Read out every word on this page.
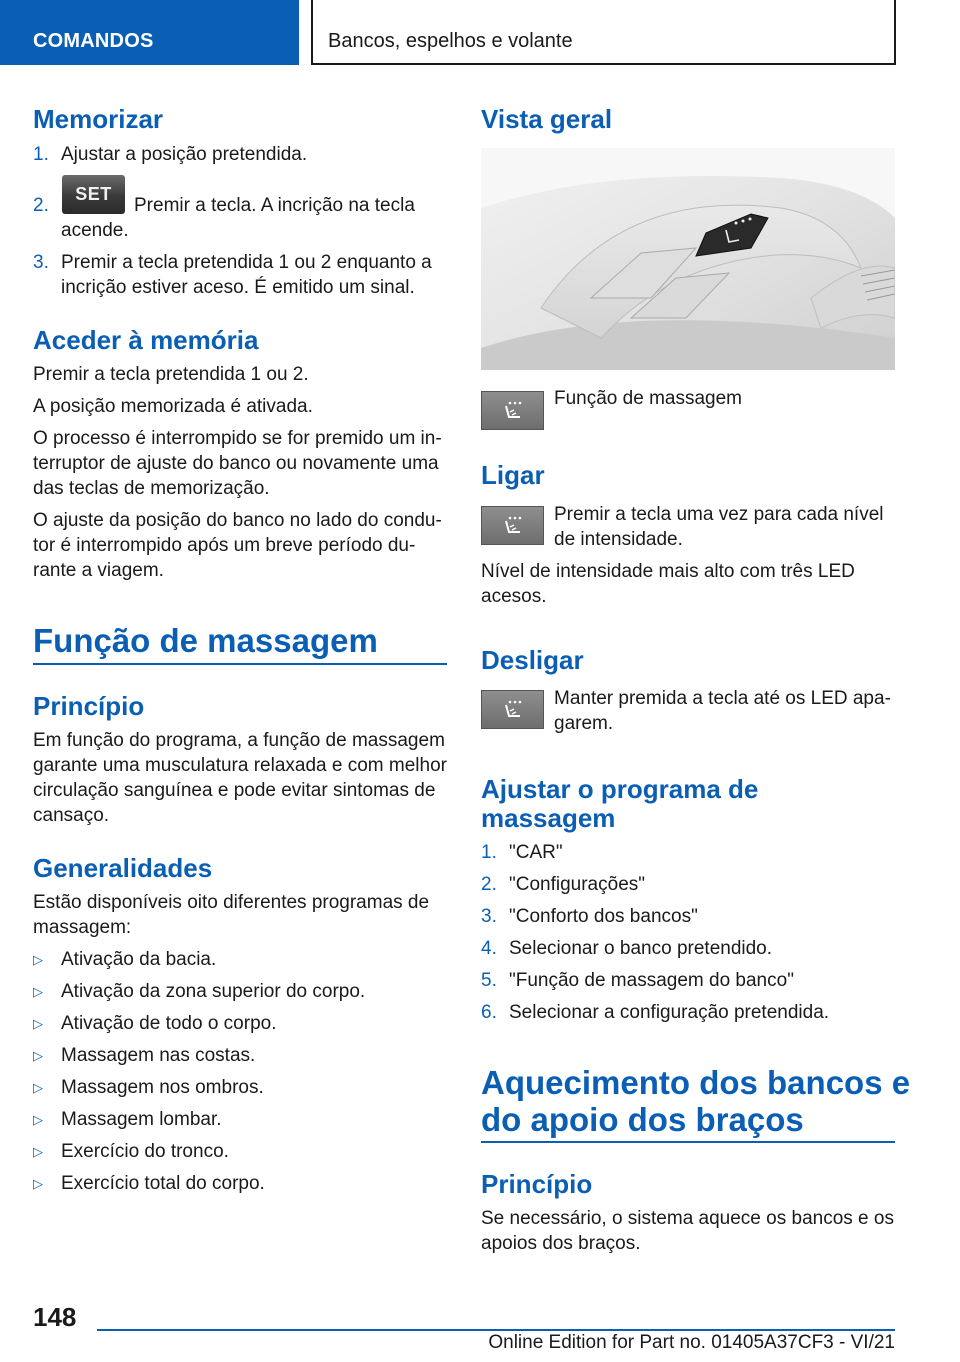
COMANDOS	Bancos, espelhos e volante
Memorizar
1. Ajustar a posição pretendida.
2.
SET
Premir a tecla. A incrição na tecla
acende.
3. Premir a tecla pretendida 1 ou 2 enquanto a
incrição estiver aceso. É emitido um sinal.
Aceder à memória
Premir a tecla pretendida 1 ou 2.
A posição memorizada é ativada.
O processo é interrompido se for premido um in-
terruptor de ajuste do banco ou novamente uma
das teclas de memorização.
O ajuste da posição do banco no lado do condu-
tor é interrompido após um breve período du-
rante a viagem.
Função de massagem
Princípio
Em função do programa, a função de massagem
garante uma musculatura relaxada e com melhor
circulação sanguínea e pode evitar sintomas de
cansaço.
Generalidades
Estão disponíveis oito diferentes programas de
massagem:
▷ Ativação da bacia.
▷ Ativação da zona superior do corpo.
▷ Ativação de todo o corpo.
▷ Massagem nas costas.
▷ Massagem nos ombros.
▷ Massagem lombar.
▷ Exercício do tronco.
▷ Exercício total do corpo.
Vista geral
Função de massagem
Ligar
Premir a tecla uma vez para cada nível
de intensidade.
Nível de intensidade mais alto com três LED
acesos.
Desligar
Manter premida a tecla até os LED apa-
garem.
Ajustar o programa de
massagem
1. "CAR"
2. "Configurações"
3. "Conforto dos bancos"
4. Selecionar o banco pretendido.
5. "Função de massagem do banco"
6. Selecionar a configuração pretendida.
Aquecimento dos bancos e
do apoio dos braços
Princípio
Se necessário, o sistema aquece os bancos e os
apoios dos braços.
148
Online Edition for Part no. 01405A37CF3 - VI/21
